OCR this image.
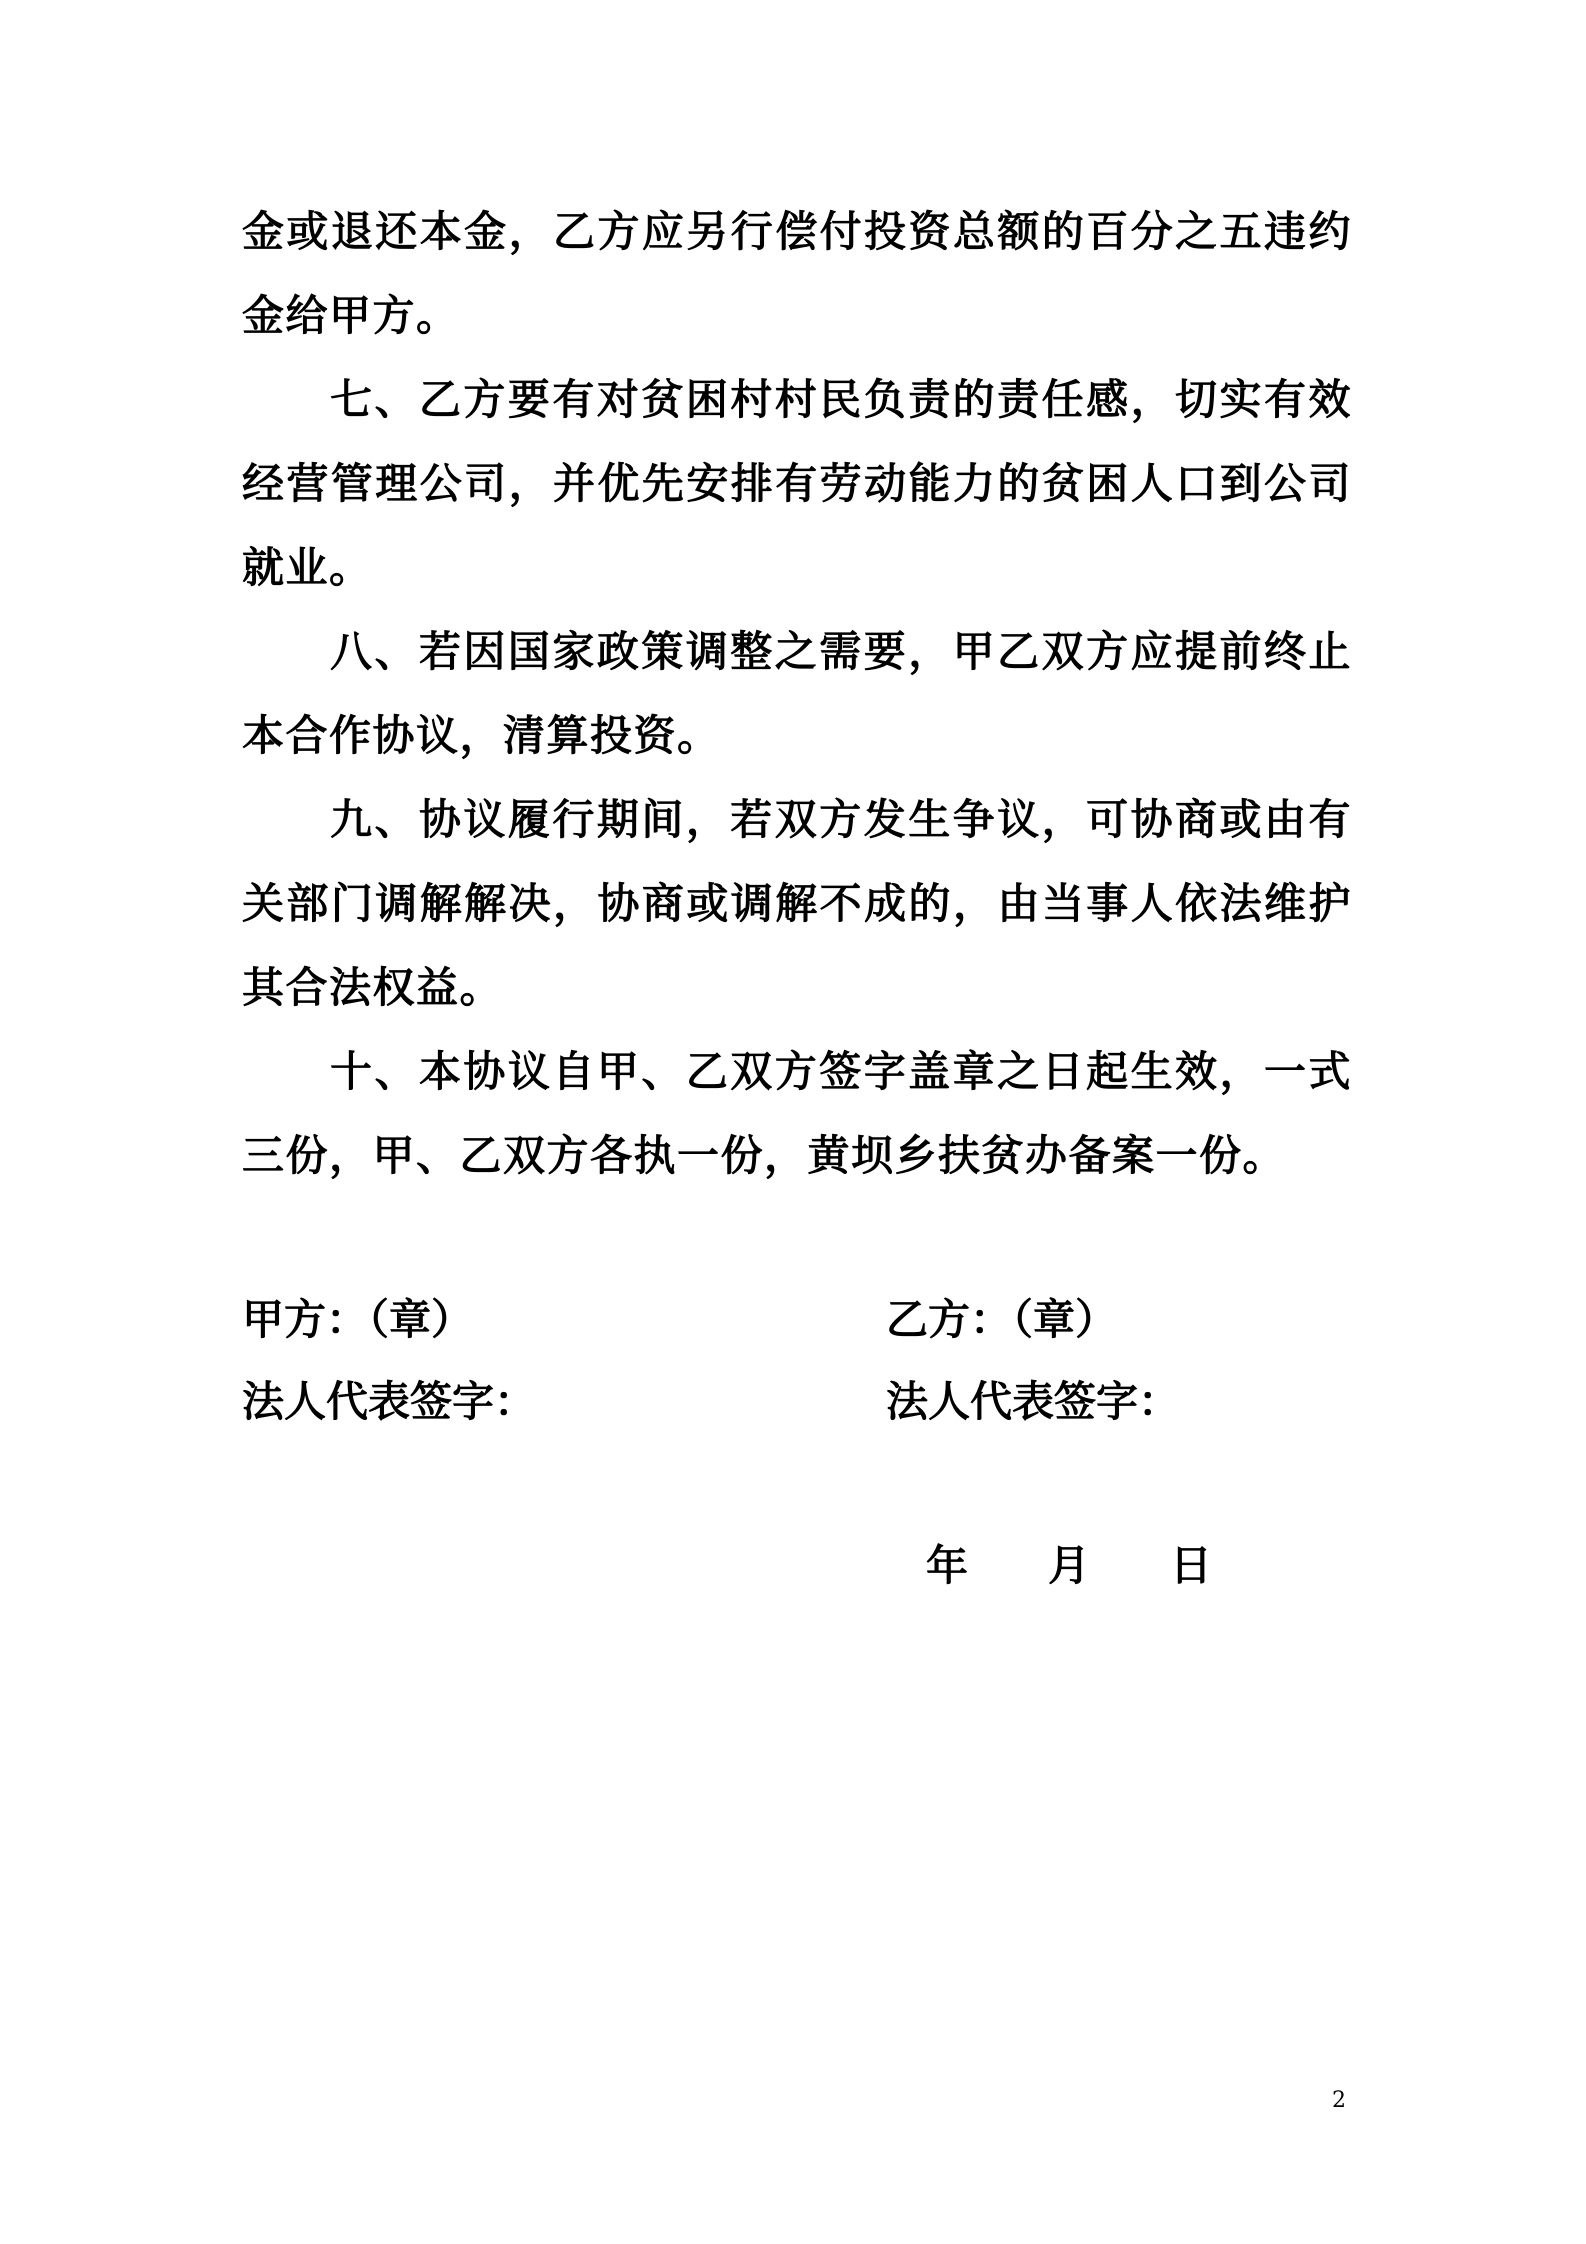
金或退还本金，乙方应另行偿付投资总额的百分之五违约金给甲方。

七、乙方要有对贫困村村民负责的责任感，切实有效经营管理公司，并优先安排有劳动能力的贫困人口到公司就业。

八、若因国家政策调整之需要，甲乙双方应提前终止本合作协议，清算投资。

九、协议履行期间，若双方发生争议，可协商或由有关部门调解解决，协商或调解不成的，由当事人依法维护其合法权益。

十、本协议自甲、乙双方签字盖章之日起生效，一式三份，甲、乙双方各执一份，黄坝乡扶贫办备案一份。

甲方：（章）	乙方：（章）
法人代表签字：	法人代表签字：
年 月 日
2
